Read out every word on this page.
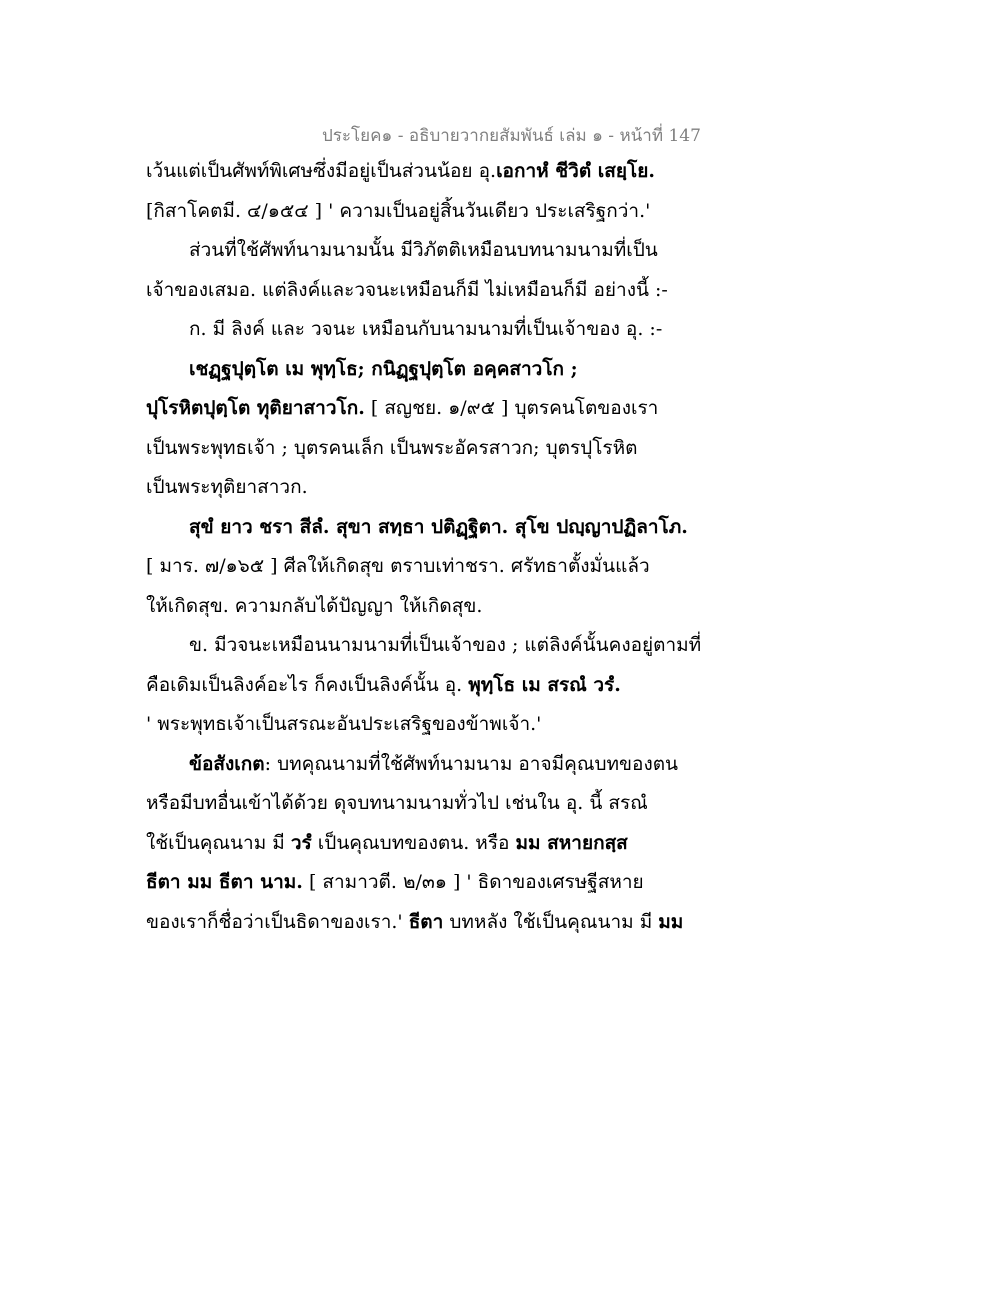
ประโยค๑ - อธิบายวากยสัมพันธ์ เล่ม ๑ - หน้าที่ 147
เว้นแต่เป็นศัพท์พิเศษซึ่งมีอยู่เป็นส่วนน้อย อุ.เอกาหํ ชีวิตํ เสยฺโย.
[กิสาโคตมี. ๔/๑๕๔ ] ' ความเป็นอยู่สิ้นวันเดียว ประเสริฐกว่า.'
ส่วนที่ใช้ศัพท์นามนามนั้น มีวิภัตติเหมือนบทนามนามที่เป็น
เจ้าของเสมอ. แต่ลิงค์และวจนะเหมือนก็มี ไม่เหมือนก็มี อย่างนี้ :-
ก. มี ลิงค์ และ วจนะ เหมือนกับนามนามที่เป็นเจ้าของ อุ. :-
เชฏฺฐปุตฺโต เม พุทฺโธ; กนิฏฺฐปุตฺโต อคฺคสาวโก ;
ปุโรหิตปุตฺโต ทุติยาสาวโก. [ สญชย. ๑/๙๕ ] บุตรคนโตของเรา
เป็นพระพุทธเจ้า ; บุตรคนเล็ก เป็นพระอัครสาวก; บุตรปุโรหิต
เป็นพระทุติยาสาวก.
สุขํ ยาว ชรา สีลํ. สุขา สทฺธา ปติฏฺฐิตา. สุโข ปญฺญาปฏิลาโภ.
[ มาร. ๗/๑๖๕ ] ศีลให้เกิดสุข ตราบเท่าชรา. ศรัทธาตั้งมั่นแล้ว
ให้เกิดสุข. ความกลับได้ปัญญา ให้เกิดสุข.
ข. มีวจนะเหมือนนามนามที่เป็นเจ้าของ ; แต่ลิงค์นั้นคงอยู่ตามที่
คือเดิมเป็นลิงค์อะไร ก็คงเป็นลิงค์นั้น อุ. พุทฺโธ เม สรณํ วรํ.
' พระพุทธเจ้าเป็นสรณะอันประเสริฐของข้าพเจ้า.'
ข้อสังเกต: บทคุณนามที่ใช้ศัพท์นามนาม อาจมีคุณบทของตน
หรือมีบทอื่นเข้าได้ด้วย ดุจบทนามนามทั่วไป เช่นใน อุ. นี้ สรณํ
ใช้เป็นคุณนาม มี วรํ เป็นคุณบทของตน. หรือ มม สหายกสฺส
ธีตา มม ธีตา นาม. [ สามาวตี. ๒/๓๑ ] ' ธิดาของเศรษฐีสหาย
ของเราก็ชื่อว่าเป็นธิดาของเรา.' ธีตา บทหลัง ใช้เป็นคุณนาม มี มม
